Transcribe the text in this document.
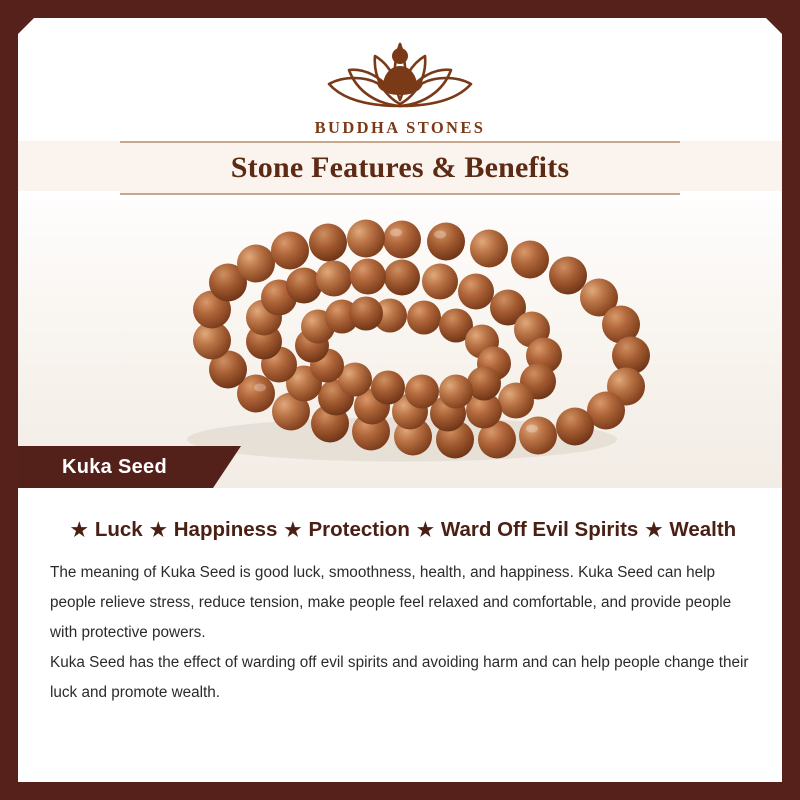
BUDDHA STONES
Stone Features & Benefits
Kuka Seed
★ Luck ★ Happiness ★ Protection ★ Ward Off Evil Spirits ★ Wealth

The meaning of Kuka Seed is good luck, smoothness, health, and happiness. Kuka Seed can help people relieve stress, reduce tension, make people feel relaxed and comfortable, and provide people with protective powers.

Kuka Seed has the effect of warding off evil spirits and avoiding harm and can help people change their luck and promote wealth.
